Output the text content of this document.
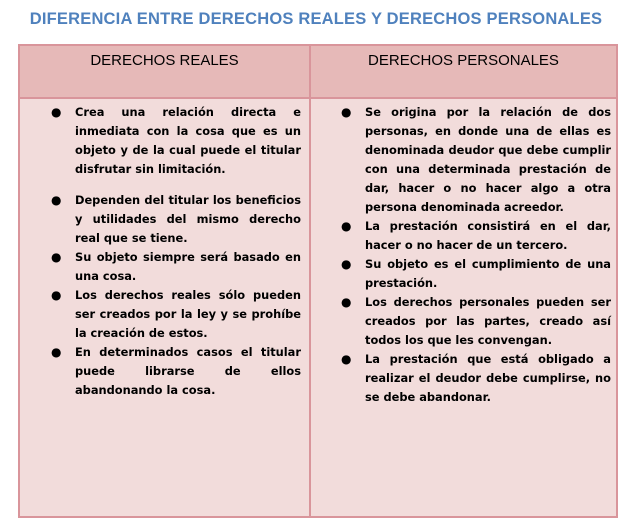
DIFERENCIA ENTRE DERECHOS REALES Y DERECHOS PERSONALES
DERECHOS REALES	DERECHOS PERSONALES
● Crea una relación directa e inmediata con la cosa que es un objeto y de la cual puede el titular disfrutar sin limitación.
● Dependen del titular los beneficios y utilidades del mismo derecho real que se tiene.
● Su objeto siempre será basado en una cosa.
● Los derechos reales sólo pueden ser creados por la ley y se prohíbe la creación de estos.
● En determinados casos el titular puede librarse de ellos abandonando la cosa.
● Se origina por la relación de dos personas, en donde una de ellas es denominada deudor que debe cumplir con una determinada prestación de dar, hacer o no hacer algo a otra persona denominada acreedor.
● La prestación consistirá en el dar, hacer o no hacer de un tercero.
● Su objeto es el cumplimiento de una prestación.
● Los derechos personales pueden ser creados por las partes, creado así todos los que les convengan.
● La prestación que está obligado a realizar el deudor debe cumplirse, no se debe abandonar.
